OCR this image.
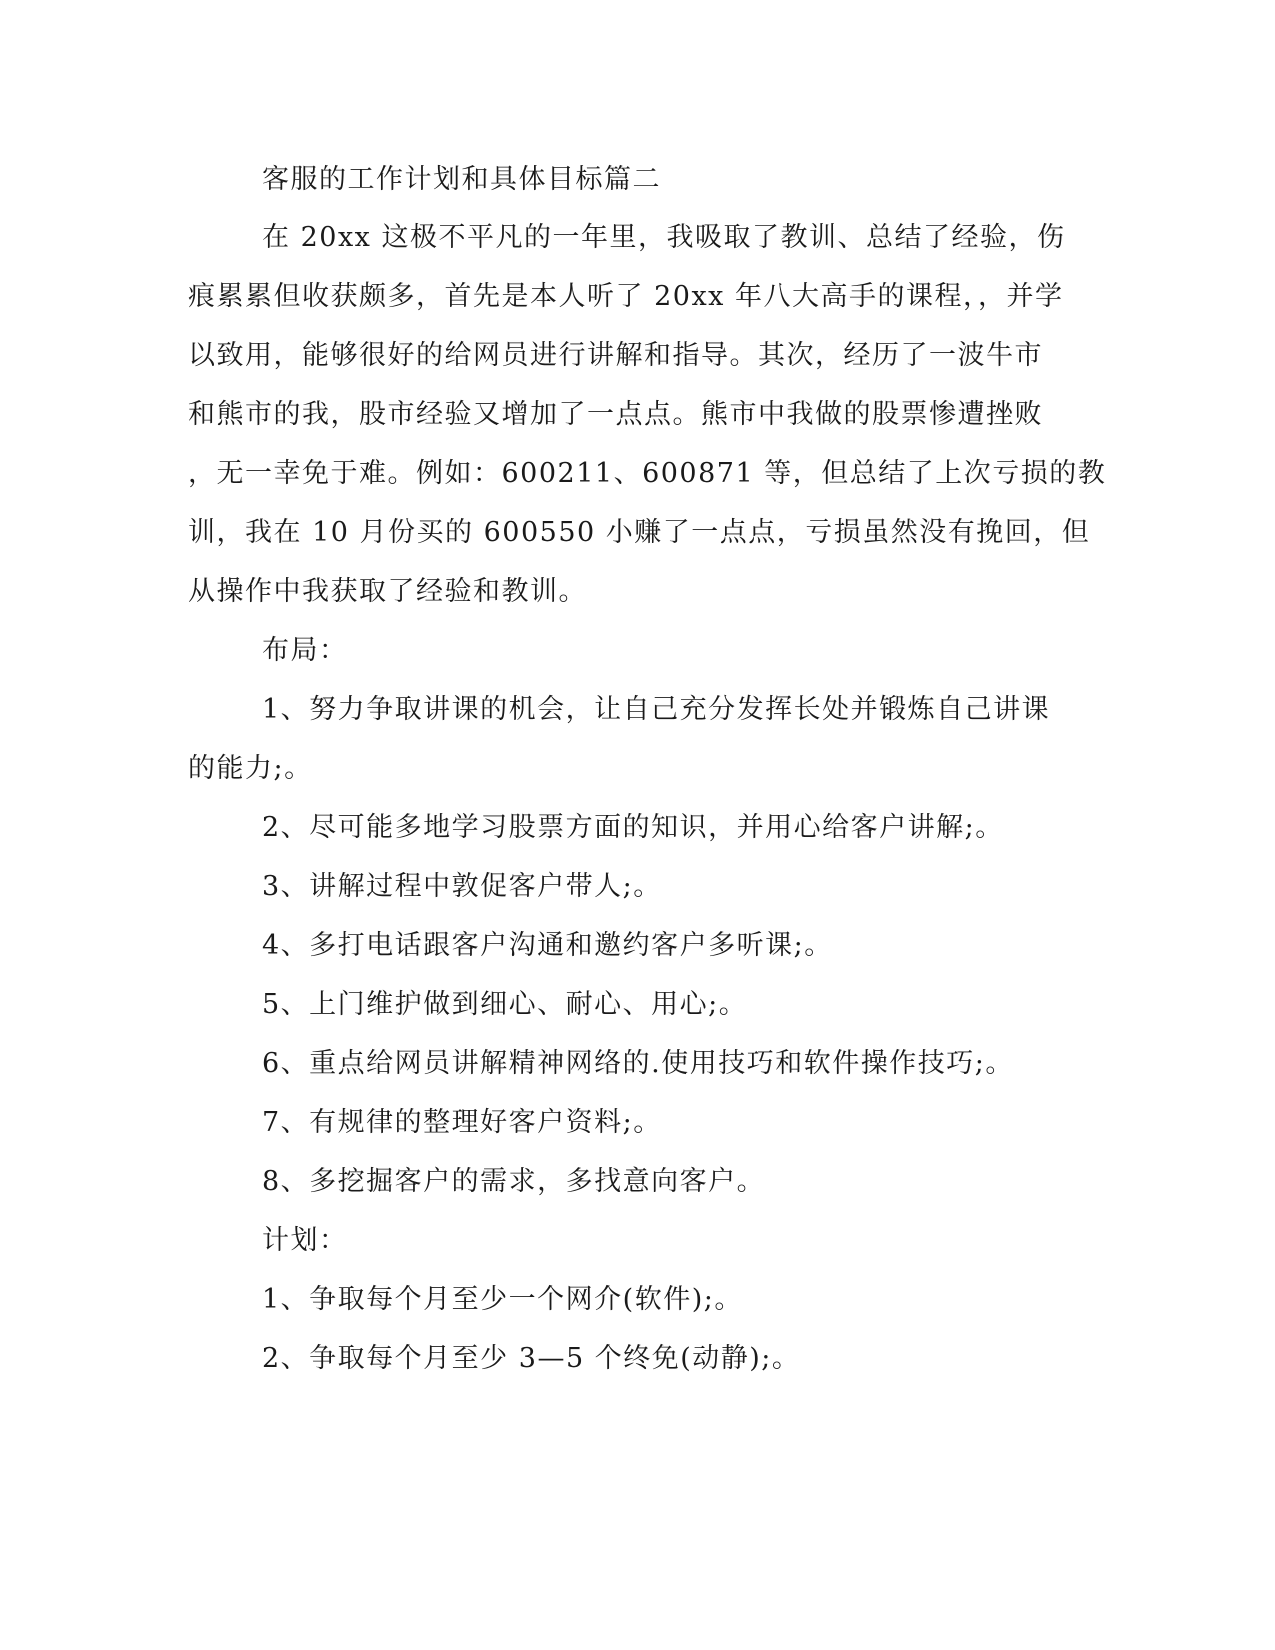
客服的工作计划和具体目标篇二
在 20xx 这极不平凡的一年里，我吸取了教训、总结了经验，伤
痕累累但收获颇多，首先是本人听了 20xx 年八大高手的课程，，并学
以致用，能够很好的给网员进行讲解和指导。其次，经历了一波牛市
和熊市的我，股市经验又增加了一点点。熊市中我做的股票惨遭挫败
，无一幸免于难。例如：600211、600871 等，但总结了上次亏损的教
训，我在 10 月份买的 600550 小赚了一点点，亏损虽然没有挽回，但
从操作中我获取了经验和教训。
布局：
1、努力争取讲课的机会，让自己充分发挥长处并锻炼自己讲课
的能力;。
2、尽可能多地学习股票方面的知识，并用心给客户讲解;。
3、讲解过程中敦促客户带人;。
4、多打电话跟客户沟通和邀约客户多听课;。
5、上门维护做到细心、耐心、用心;。
6、重点给网员讲解精神网络的.使用技巧和软件操作技巧;。
7、有规律的整理好客户资料;。
8、多挖掘客户的需求，多找意向客户。
计划：
1、争取每个月至少一个网介(软件);。
2、争取每个月至少 3—5 个终免(动静);。
